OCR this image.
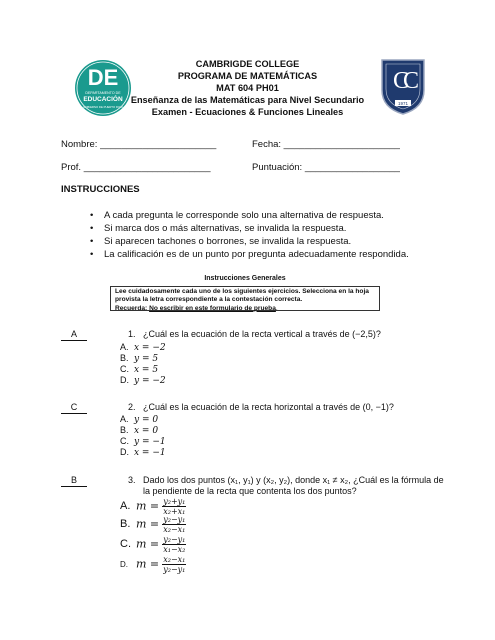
DE
DEPARTAMENTO DE
EDUCACIÓN
GOBIERNO DE PUERTO RICO
CC
1971
CAMBRIGDE COLLEGE
PROGRAMA DE MATEMÁTICAS
MAT 604 PH01
Enseñanza de las Matemáticas para Nivel Secundario
Examen - Ecuaciones & Funciones Lineales
Nombre: ______________________	Fecha: ______________________
Prof. ________________________	Puntuación: __________________
INSTRUCCIONES
• A cada pregunta le corresponde solo una alternativa de respuesta.
• Si marca dos o más alternativas, se invalida la respuesta.
• Si aparecen tachones o borrones, se invalida la respuesta.
• La calificación es de un punto por pregunta adecuadamente respondida.
Instrucciones Generales
Lee cuidadosamente cada uno de los siguientes ejercicios. Selecciona en la hoja provista la letra correspondiente a la contestación correcta.
Recuerda: No escribir en este formulario de prueba.
A	1. ¿Cuál es la ecuación de la recta vertical a través de (−2,5)?
A. x = −2
B. y = 5
C. x = 5
D. y = −2
C	2. ¿Cuál es la ecuación de la recta horizontal a través de (0, −1)?
A. y = 0
B. x = 0
C. y = −1
D. x = −1
B	3. Dado los dos puntos (x₁, y₁) y (x₂, y₂), donde x₁ ≠ x₂, ¿Cuál es la fórmula de
la pendiente de la recta que contenta los dos puntos?
A. $m = \frac{\text{y₂+y₁}}{\text{x₂+x₁}}$
B. $m = \frac{\text{y₂−y₁}}{\text{x₂−x₁}}$
C. $m = \frac{\text{y₂−y₁}}{\text{x₁−x₂}}$
D. $m = \frac{\text{x₂−x₁}}{\text{y₂−y₁}}$
